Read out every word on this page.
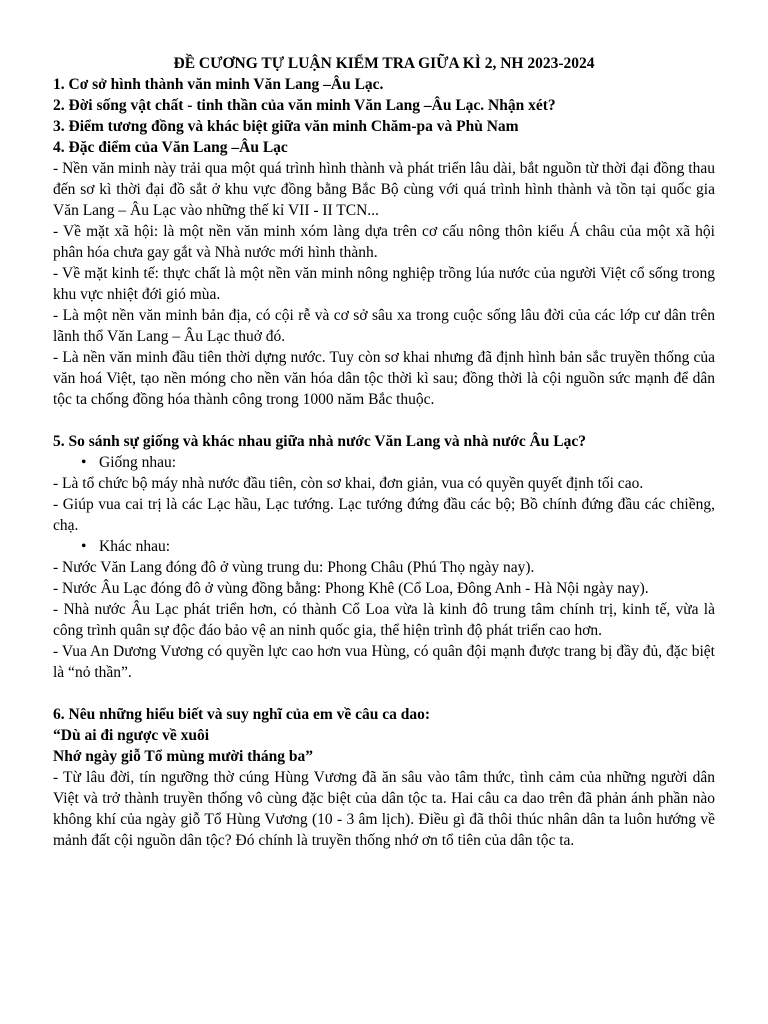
ĐỀ CƯƠNG TỰ LUẬN KIỂM TRA GIỮA KÌ 2, NH 2023-2024

1. Cơ sở hình thành văn minh Văn Lang –Âu Lạc.

2. Đời sống vật chất - tinh thần của văn minh Văn Lang –Âu Lạc. Nhận xét?

3. Điểm tương đồng và khác biệt giữa văn minh Chăm-pa và Phù Nam

4. Đặc điểm của Văn Lang –Âu Lạc

- Nền văn minh này trải qua một quá trình hình thành và phát triển lâu dài, bắt nguồn từ thời đại đồng thau đến sơ kì thời đại đồ sắt ở khu vực đồng bằng Bắc Bộ cùng với quá trình hình thành và tồn tại quốc gia Văn Lang – Âu Lạc vào những thế kỉ VII - II TCN...

- Về mặt xã hội: là một nền văn minh xóm làng dựa trên cơ cấu nông thôn kiểu Á châu của một xã hội phân hóa chưa gay gắt và Nhà nước mới hình thành.

- Về mặt kinh tế: thực chất là một nền văn minh nông nghiệp trồng lúa nước của người Việt cổ sống trong khu vực nhiệt đới gió mùa.

- Là một nền văn minh bản địa, có cội rễ và cơ sở sâu xa trong cuộc sống lâu đời của các lớp cư dân trên lãnh thổ Văn Lang – Âu Lạc thuở đó.

- Là nền văn minh đầu tiên thời dựng nước. Tuy còn sơ khai nhưng đã định hình bản sắc truyền thống của văn hoá Việt, tạo nền móng cho nền văn hóa dân tộc thời kì sau; đồng thời là cội nguồn sức mạnh để dân tộc ta chống đồng hóa thành công trong 1000 năm Bắc thuộc.

5. So sánh sự giống và khác nhau giữa nhà nước Văn Lang và nhà nước Âu Lạc?

• Giống nhau:

- Là tổ chức bộ máy nhà nước đầu tiên, còn sơ khai, đơn giản, vua có quyền quyết định tối cao.

- Giúp vua cai trị là các Lạc hầu, Lạc tướng. Lạc tướng đứng đầu các bộ; Bồ chính đứng đầu các chiềng, chạ.

• Khác nhau:

- Nước Văn Lang đóng đô ở vùng trung du: Phong Châu (Phú Thọ ngày nay).

- Nước Âu Lạc đóng đô ở vùng đồng bằng: Phong Khê (Cổ Loa, Đông Anh - Hà Nội ngày nay).

- Nhà nước Âu Lạc phát triển hơn, có thành Cổ Loa vừa là kinh đô trung tâm chính trị, kinh tế, vừa là công trình quân sự độc đáo bảo vệ an ninh quốc gia, thể hiện trình độ phát triển cao hơn.

- Vua An Dương Vương có quyền lực cao hơn vua Hùng, có quân đội mạnh được trang bị đầy đủ, đặc biệt là “nỏ thần”.

6. Nêu những hiểu biết và suy nghĩ của em về câu ca dao:

“Dù ai đi ngược về xuôi

Nhớ ngày giỗ Tổ mùng mười tháng ba”

- Từ lâu đời, tín ngưỡng thờ cúng Hùng Vương đã ăn sâu vào tâm thức, tình cảm của những người dân Việt và trở thành truyền thống vô cùng đặc biệt của dân tộc ta. Hai câu ca dao trên đã phản ánh phần nào không khí của ngày giỗ Tổ Hùng Vương (10 - 3 âm lịch). Điều gì đã thôi thúc nhân dân ta luôn hướng về mảnh đất cội nguồn dân tộc? Đó chính là truyền thống nhớ ơn tổ tiên của dân tộc ta.
